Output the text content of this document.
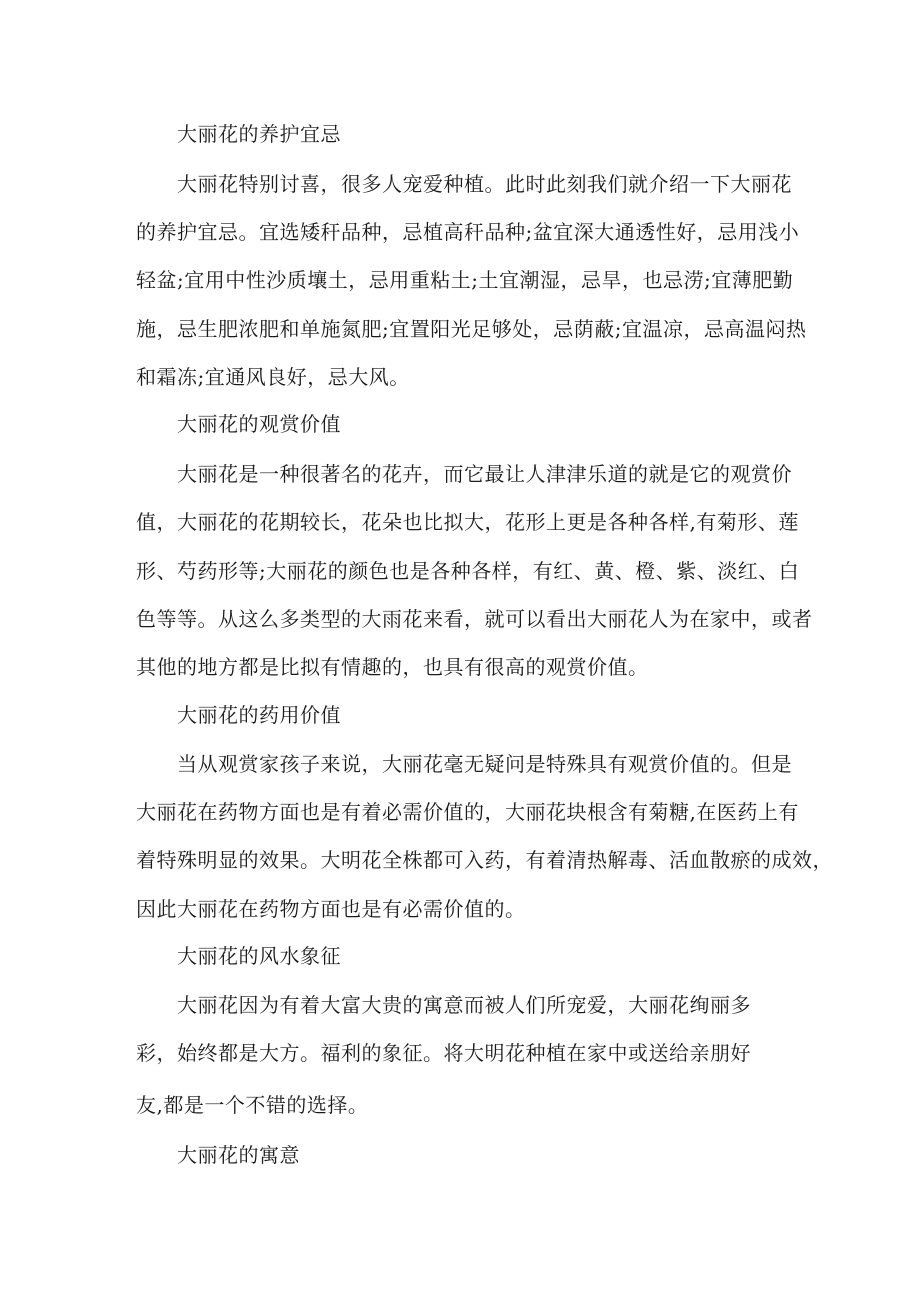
大丽花的养护宜忌
大丽花特别讨喜，很多人宠爱种植。此时此刻我们就介绍一下大丽花
的养护宜忌。宜选矮秆品种，忌植高秆品种;盆宜深大通透性好，忌用浅小
轻盆;宜用中性沙质壤土，忌用重粘土;土宜潮湿，忌旱，也忌涝;宜薄肥勤
施，忌生肥浓肥和单施氮肥;宜置阳光足够处，忌荫蔽;宜温凉，忌高温闷热
和霜冻;宜通风良好，忌大风。
大丽花的观赏价值
大丽花是一种很著名的花卉，而它最让人津津乐道的就是它的观赏价
值，大丽花的花期较长，花朵也比拟大，花形上更是各种各样,有菊形、莲
形、芍药形等;大丽花的颜色也是各种各样，有红、黄、橙、紫、淡红、白
色等等。从这么多类型的大雨花来看，就可以看出大丽花人为在家中，或者
其他的地方都是比拟有情趣的，也具有很高的观赏价值。
大丽花的药用价值
当从观赏家孩子来说，大丽花毫无疑问是特殊具有观赏价值的。但是
大丽花在药物方面也是有着必需价值的，大丽花块根含有菊糖,在医药上有
着特殊明显的效果。大明花全株都可入药，有着清热解毒、活血散瘀的成效，
因此大丽花在药物方面也是有必需价值的。
大丽花的风水象征
大丽花因为有着大富大贵的寓意而被人们所宠爱，大丽花绚丽多
彩，始终都是大方。福利的象征。将大明花种植在家中或送给亲朋好
友,都是一个不错的选择。
大丽花的寓意
